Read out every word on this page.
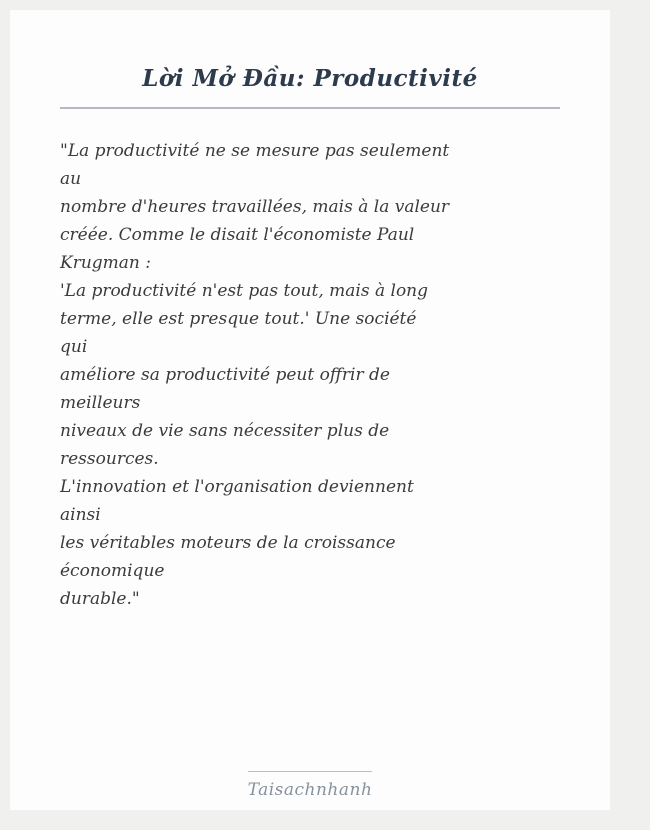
Lời Mở Đầu: Productivité

"La productivité ne se mesure pas seulement

au

nombre d'heures travaillées, mais à la valeur

créée. Comme le disait l'économiste Paul

Krugman :

'La productivité n'est pas tout, mais à long

terme, elle est presque tout.' Une société

qui

améliore sa productivité peut offrir de

meilleurs

niveaux de vie sans nécessiter plus de

ressources.

L'innovation et l'organisation deviennent

ainsi

les véritables moteurs de la croissance

économique

durable."

Taisachnhanh
